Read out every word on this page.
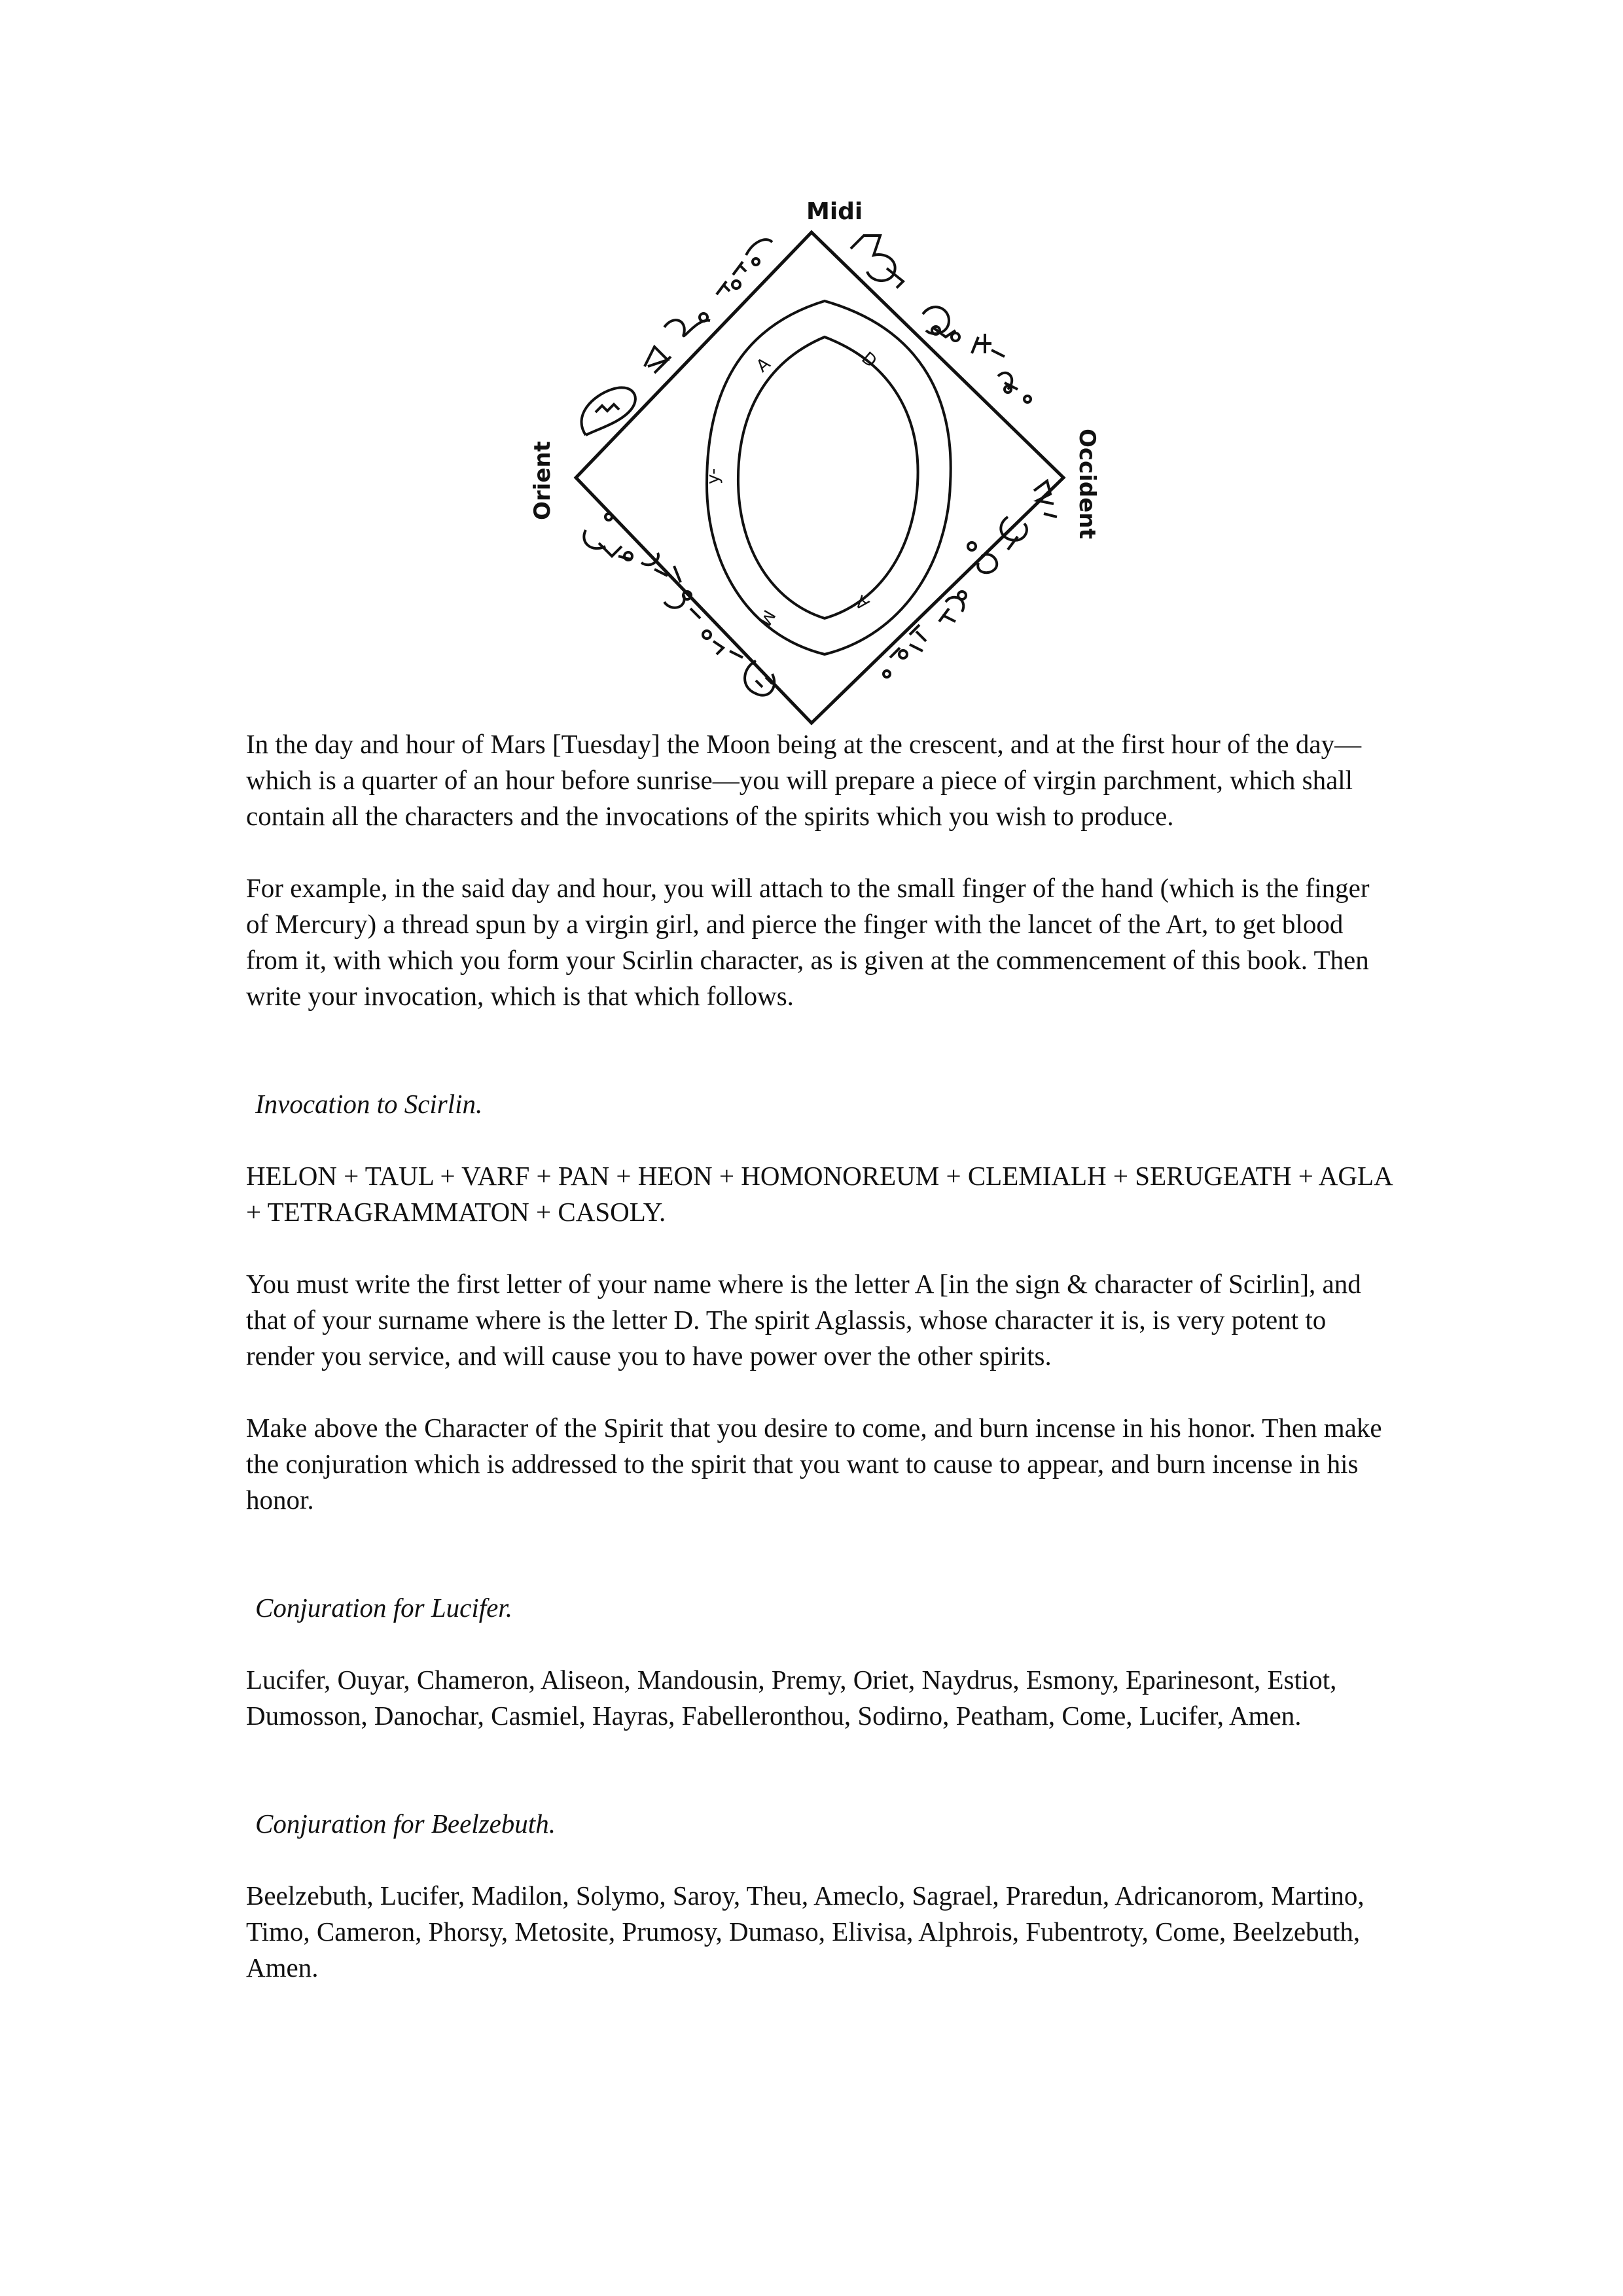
Midi
Occident
Orient
A	D
y-
M
A

In the day and hour of Mars [Tuesday] the Moon being at the crescent, and at the first hour of the day—which is a quarter of an hour before sunrise—you will prepare a piece of virgin parchment, which shall contain all the characters and the invocations of the spirits which you wish to produce.

For example, in the said day and hour, you will attach to the small finger of the hand (which is the finger of Mercury) a thread spun by a virgin girl, and pierce the finger with the lancet of the Art, to get blood from it, with which you form your Scirlin character, as is given at the commencement of this book. Then write your invocation, which is that which follows.

Invocation to Scirlin.

HELON + TAUL + VARF + PAN + HEON + HOMONOREUM + CLEMIALH + SERUGEATH + AGLA + TETRAGRAMMATON + CASOLY.

You must write the first letter of your name where is the letter A [in the sign & character of Scirlin], and that of your surname where is the letter D. The spirit Aglassis, whose character it is, is very potent to render you service, and will cause you to have power over the other spirits.

Make above the Character of the Spirit that you desire to come, and burn incense in his honor. Then make the conjuration which is addressed to the spirit that you want to cause to appear, and burn incense in his honor.

Conjuration for Lucifer.

Lucifer, Ouyar, Chameron, Aliseon, Mandousin, Premy, Oriet, Naydrus, Esmony, Eparinesont, Estiot, Dumosson, Danochar, Casmiel, Hayras, Fabelleronthou, Sodirno, Peatham, Come, Lucifer, Amen.

Conjuration for Beelzebuth.

Beelzebuth, Lucifer, Madilon, Solymo, Saroy, Theu, Ameclo, Sagrael, Praredun, Adricanorom, Martino, Timo, Cameron, Phorsy, Metosite, Prumosy, Dumaso, Elivisa, Alphrois, Fubentroty, Come, Beelzebuth, Amen.
